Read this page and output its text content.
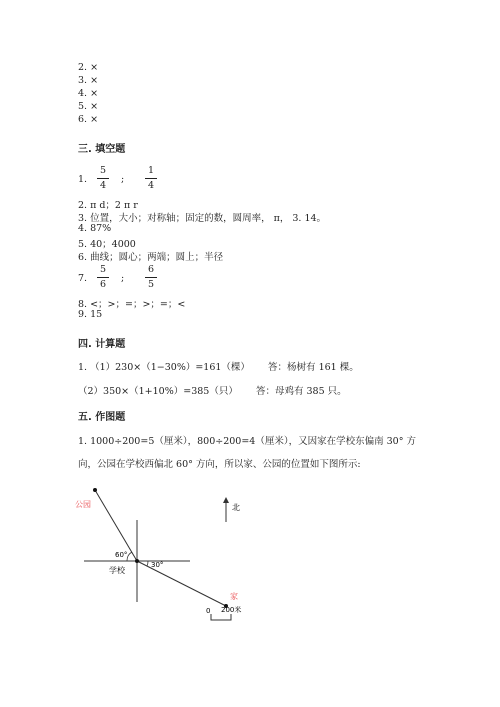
2. ×
3. ×
4. ×
5. ×
6. ×
三. 填空题
1.
5
4
;
1
4
2. π d；2 π r
3. 位置，大小；对称轴；固定的数，圆周率， π， 3. 14。
4. 87%
5. 40；4000
6. 曲线；圆心；两端；圆上；半径
7.
5
6
;
6
5
8. <；>；=；>；=；<
9. 15
四. 计算题
1. （1）230×（1−30%）=161（棵）      答：杨树有 161 棵。
（2）350×（1+10%）=385（只）      答：母鸡有 385 只。
五. 作图题
1. 1000÷200=5（厘米），800÷200=4（厘米），又因家在学校东偏南 30° 方
向，公园在学校西偏北 60° 方向，所以家、公园的位置如下图所示:
公园
60°
30°
学校
家
北
0 200米
